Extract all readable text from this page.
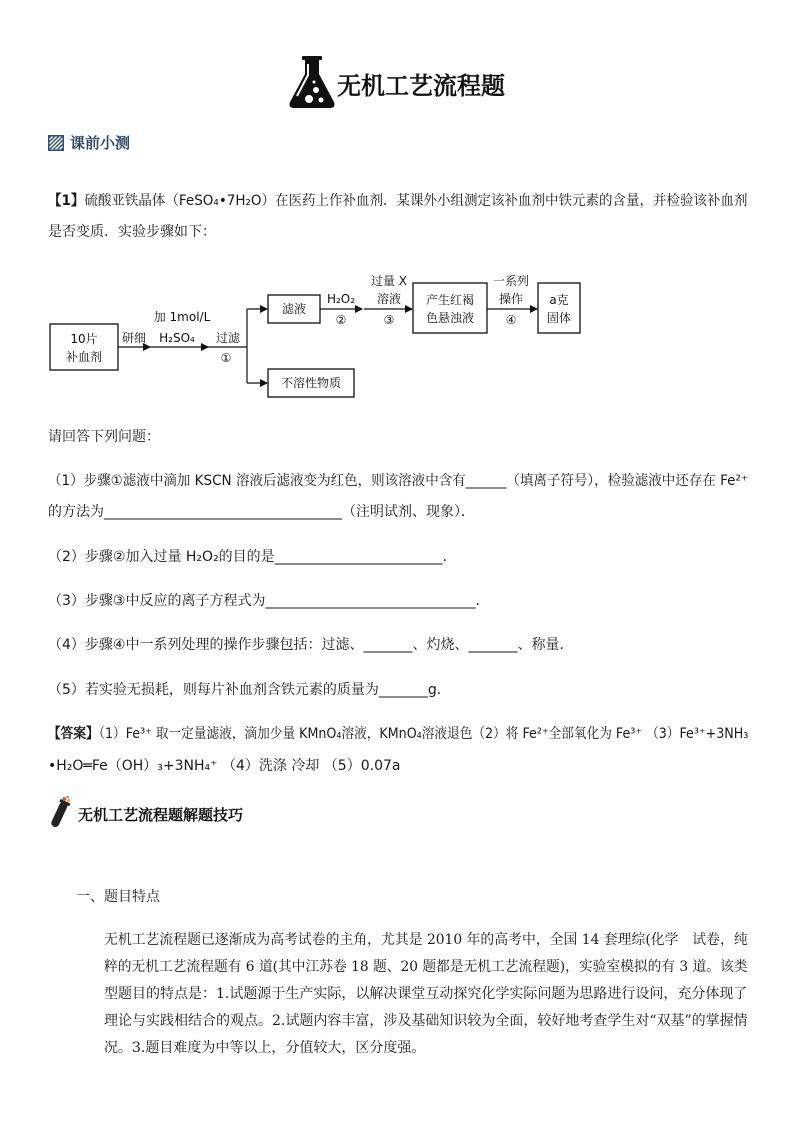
无机工艺流程题
课前小测
【1】硫酸亚铁晶体（FeSO₄•7H₂O）在医药上作补血剂．某课外小组测定该补血剂中铁元素的含量，并检验该补血剂
是否变质．实验步骤如下：
10片
补血剂
滤液
不溶性物质
产生红褐
色悬浊液
a克
固体
研细
加 1mol/L
H₂SO₄ 过滤
①
H₂O₂
②
过量 X
溶液
③
一系列
操作
④
请回答下列问题：
（1）步骤①滤液中滴加 KSCN 溶液后滤液变为红色，则该溶液中含有______（填离子符号），检验滤液中还存在 Fe²⁺
的方法为__________________________________（注明试剂、现象）．
（2）步骤②加入过量 H₂O₂的目的是________________________．
（3）步骤③中反应的离子方程式为______________________________．
（4）步骤④中一系列处理的操作步骤包括：过滤、_______、灼烧、_______、称量．
（5）若实验无损耗，则每片补血剂含铁元素的质量为_______g．
【答案】（1）Fe³⁺ 取一定量滤液，滴加少量 KMnO₄溶液，KMnO₄溶液退色（2）将 Fe²⁺全部氧化为 Fe³⁺ （3）Fe³⁺+3NH₃
•H₂O═Fe（OH）₃+3NH₄⁺ （4）洗涤 冷却 （5）0.07a
无机工艺流程题解题技巧
一、题目特点
无机工艺流程题已逐渐成为高考试卷的主角，尤其是 2010 年的高考中，全国 14 套理综(化学　试卷，纯
粹的无机工艺流程题有 6 道(其中江苏卷 18 题、20 题都是无机工艺流程题)，实验室模拟的有 3 道。该类
型题目的特点是：1.试题源于生产实际，以解决课堂互动探究化学实际问题为思路进行设问，充分体现了
理论与实践相结合的观点。2.试题内容丰富，涉及基础知识较为全面，较好地考查学生对“双基”的掌握情
况。3.题目难度为中等以上，分值较大，区分度强。
